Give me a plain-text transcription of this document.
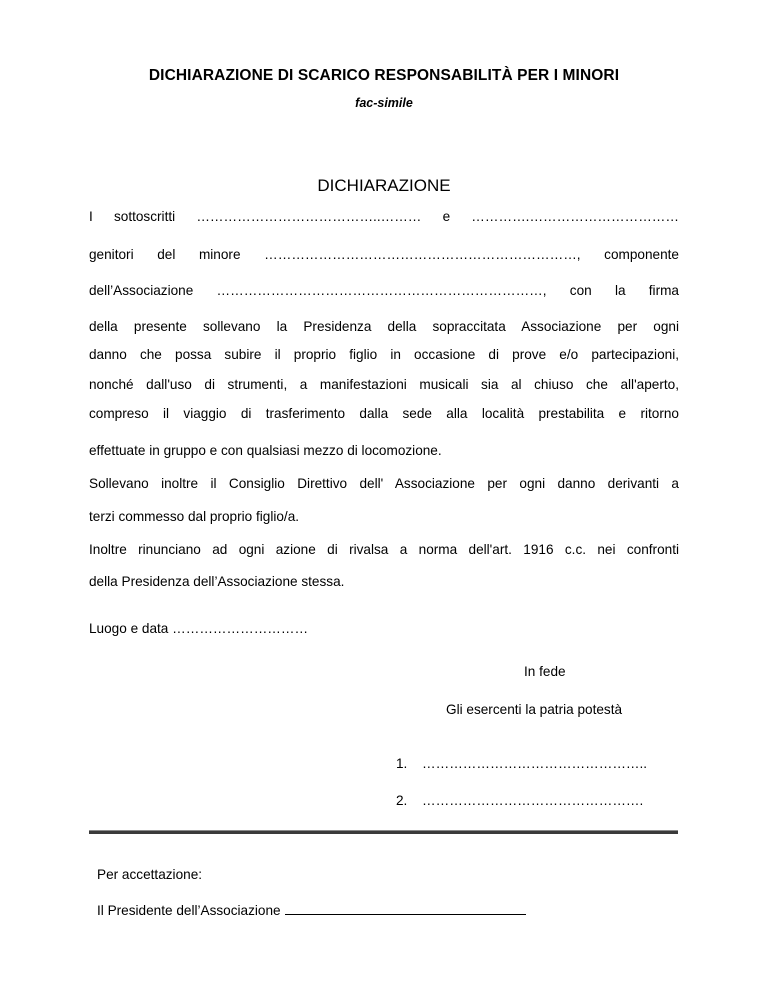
DICHIARAZIONE DI SCARICO RESPONSABILITÀ PER I MINORI
fac-simile
DICHIARAZIONE
I sottoscritti …………………………………..……… e ………….……………………………
genitori del minore ……………………………………………………………, componente
dell’Associazione ………………………………………………………………, con la firma
della presente sollevano la Presidenza della sopraccitata Associazione per ogni
danno che possa subire il proprio figlio in occasione di prove e/o partecipazioni,
nonché dall'uso di strumenti, a manifestazioni musicali sia al chiuso che all'aperto,
compreso il viaggio di trasferimento dalla sede alla località prestabilita e ritorno
effettuate in gruppo e con qualsiasi mezzo di locomozione.
Sollevano inoltre il Consiglio Direttivo dell' Associazione per ogni danno derivanti a
terzi commesso dal proprio figlio/a.
Inoltre rinunciano ad ogni azione di rivalsa a norma dell'art. 1916 c.c. nei confronti
della Presidenza dell’Associazione stessa.
Luogo e data …………………………
In fede
Gli esercenti la patria potestà
1. …………………………………………..
2. ………………………………………….
Per accettazione:
Il Presidente dell’Associazione
